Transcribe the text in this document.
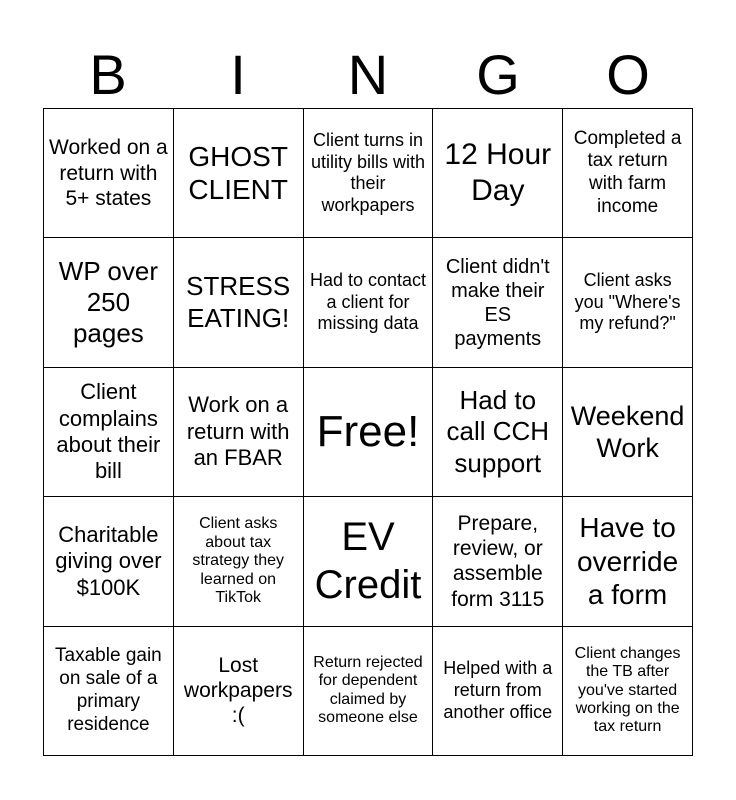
B	I	N	G	O
Worked on a return with 5+ states
GHOST CLIENT
Client turns in utility bills with their workpapers
12 Hour Day
Completed a tax return with farm income
WP over 250 pages
STRESS EATING!
Had to contact a client for missing data
Client didn't make their ES payments
Client asks you "Where's my refund?"
Client complains about their bill
Work on a return with an FBAR
Free!
Had to call CCH support
Weekend Work
Charitable giving over $100K
Client asks about tax strategy they learned on TikTok
EV Credit
Prepare, review, or assemble form 3115
Have to override a form
Taxable gain on sale of a primary residence
Lost workpapers :(
Return rejected for dependent claimed by someone else
Helped with a return from another office
Client changes the TB after you've started working on the tax return
